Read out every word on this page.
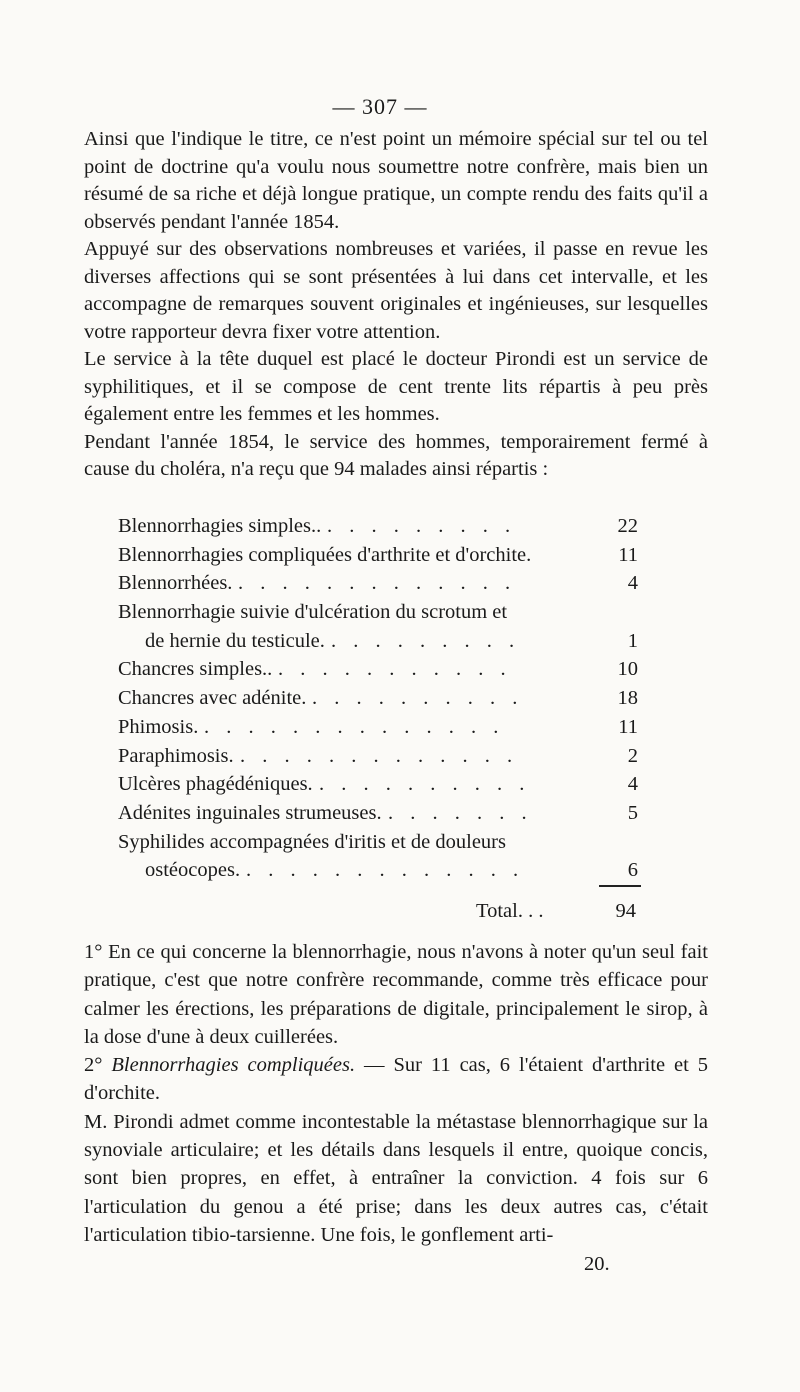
— 307 —

Ainsi que l'indique le titre, ce n'est point un mémoire spécial sur tel ou tel point de doctrine qu'a voulu nous soumettre notre confrère, mais bien un résumé de sa riche et déjà longue pratique, un compte rendu des faits qu'il a observés pendant l'année 1854.

Appuyé sur des observations nombreuses et variées, il passe en revue les diverses affections qui se sont présentées à lui dans cet intervalle, et les accompagne de remarques souvent originales et ingénieuses, sur lesquelles votre rapporteur devra fixer votre attention.

Le service à la tête duquel est placé le docteur Pirondi est un service de syphilitiques, et il se compose de cent trente lits répartis à peu près également entre les femmes et les hommes.

Pendant l'année 1854, le service des hommes, temporairement fermé à cause du choléra, n'a reçu que 94 malades ainsi répartis :

Blennorrhagies simples.. . . . . . . . . .	22
Blennorrhagies compliquées d'arthrite et d'orchite.	11
Blennorrhées. . . . . . . . . . . . . .	4
Blennorrhagie suivie d'ulcération du scrotum et
de hernie du testicule. . . . . . . . . .	1
Chancres simples.. . . . . . . . . . . .	10
Chancres avec adénite. . . . . . . . . . .	18
Phimosis. . . . . . . . . . . . . . .	11
Paraphimosis. . . . . . . . . . . . . .	2
Ulcères phagédéniques. . . . . . . . . . .	4
Adénites inguinales strumeuses. . . . . . . .	5
Syphilides accompagnées d'iritis et de douleurs
ostéocopes. . . . . . . . . . . . . .	6
Total. . .	94

1° En ce qui concerne la blennorrhagie, nous n'avons à noter qu'un seul fait pratique, c'est que notre confrère recommande, comme très efficace pour calmer les érections, les préparations de digitale, principalement le sirop, à la dose d'une à deux cuillerées.

2° Blennorrhagies compliquées. — Sur 11 cas, 6 l'étaient d'arthrite et 5 d'orchite.

M. Pirondi admet comme incontestable la métastase blennorrhagique sur la synoviale articulaire; et les détails dans lesquels il entre, quoique concis, sont bien propres, en effet, à entraîner la conviction. 4 fois sur 6 l'articulation du genou a été prise; dans les deux autres cas, c'était l'articulation tibio-tarsienne. Une fois, le gonflement arti-

20.
